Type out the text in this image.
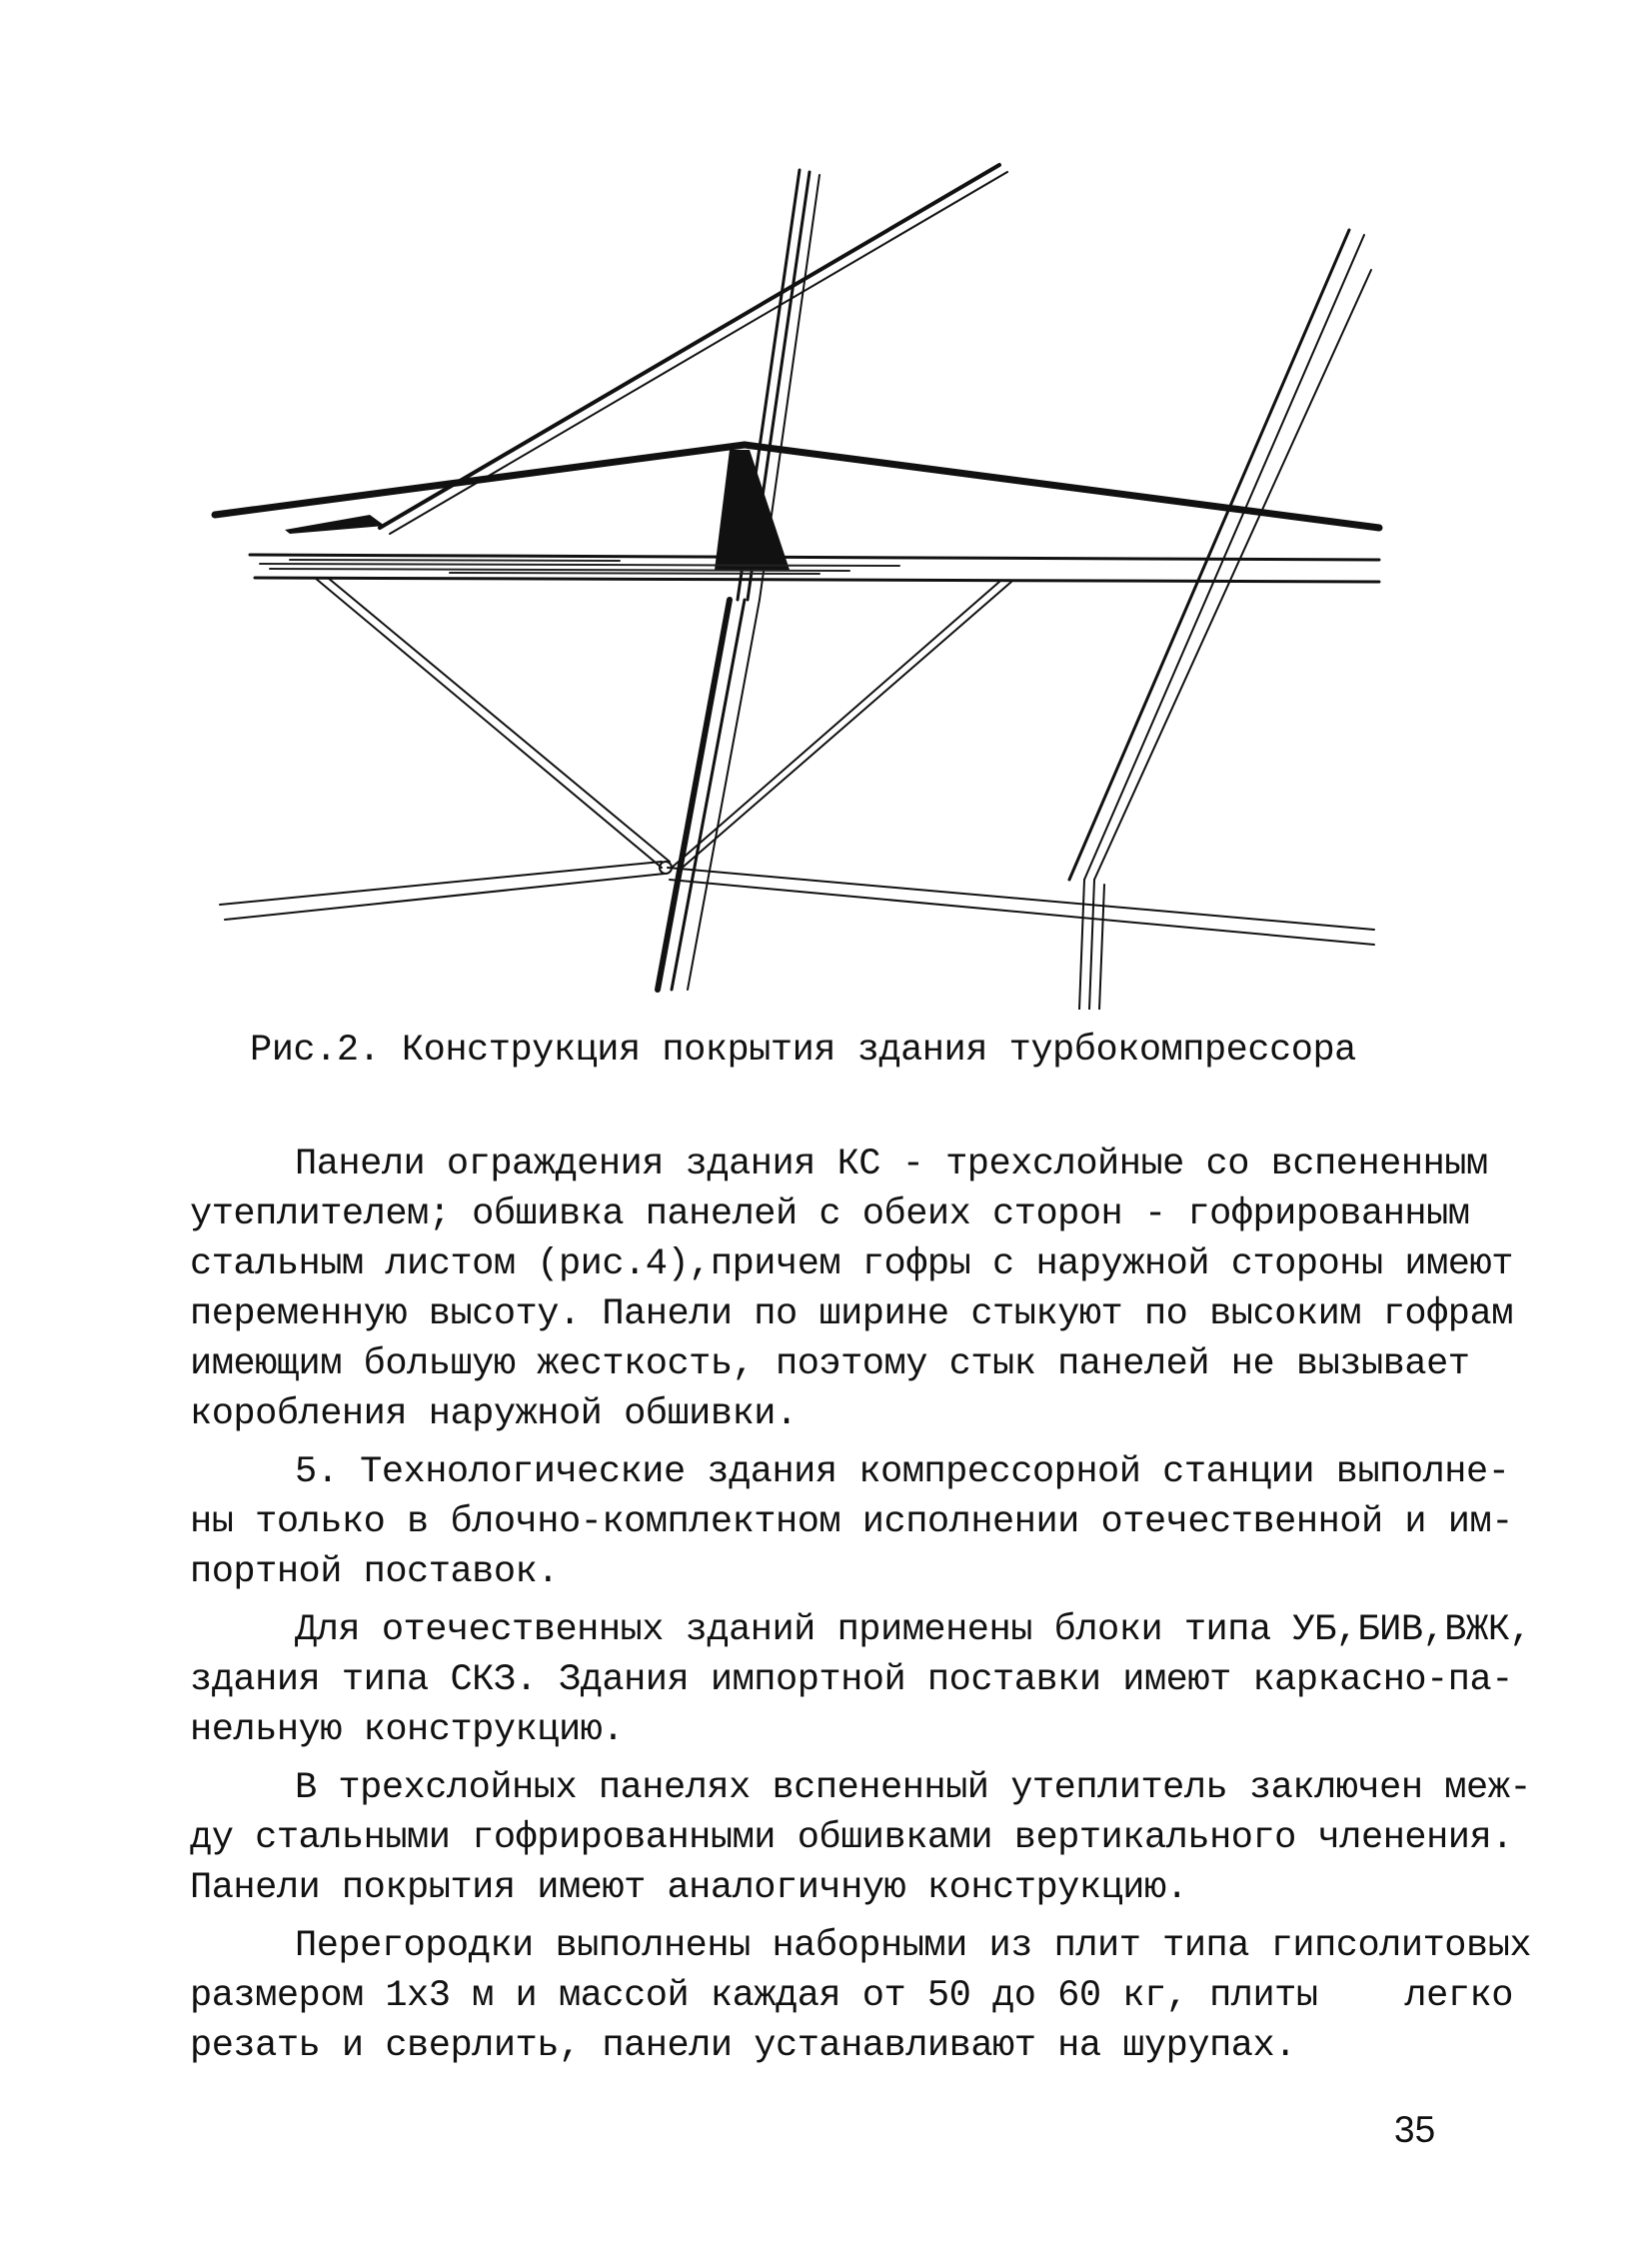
Рис.2. Конструкция покрытия здания турбокомпрессора

Панели ограждения здания КС - трехслойные со вспененным
утеплителем; обшивка панелей с обеих сторон - гофрированным
стальным листом (рис.4),причем гофры с наружной стороны имеют
переменную высоту. Панели по ширине стыкуют по высоким гофрам
имеющим большую жесткость, поэтому стык панелей не вызывает
коробления наружной обшивки.

5. Технологические здания компрессорной станции выполне-
ны только в блочно-комплектном исполнении отечественной и им-
портной поставок.

Для отечественных зданий применены блоки типа УБ,БИВ,ВЖК,
здания типа СКЗ. Здания импортной поставки имеют каркасно-па-
нельную конструкцию.

В трехслойных панелях вспененный утеплитель заключен меж-
ду стальными гофрированными обшивками вертикального членения.
Панели покрытия имеют аналогичную конструкцию.

Перегородки выполнены наборными из плит типа гипсолитовых
размером 1х3 м и массой каждая от 50 до 60 кг, плиты    легко
резать и сверлить, панели устанавливают на шурупах.

35
